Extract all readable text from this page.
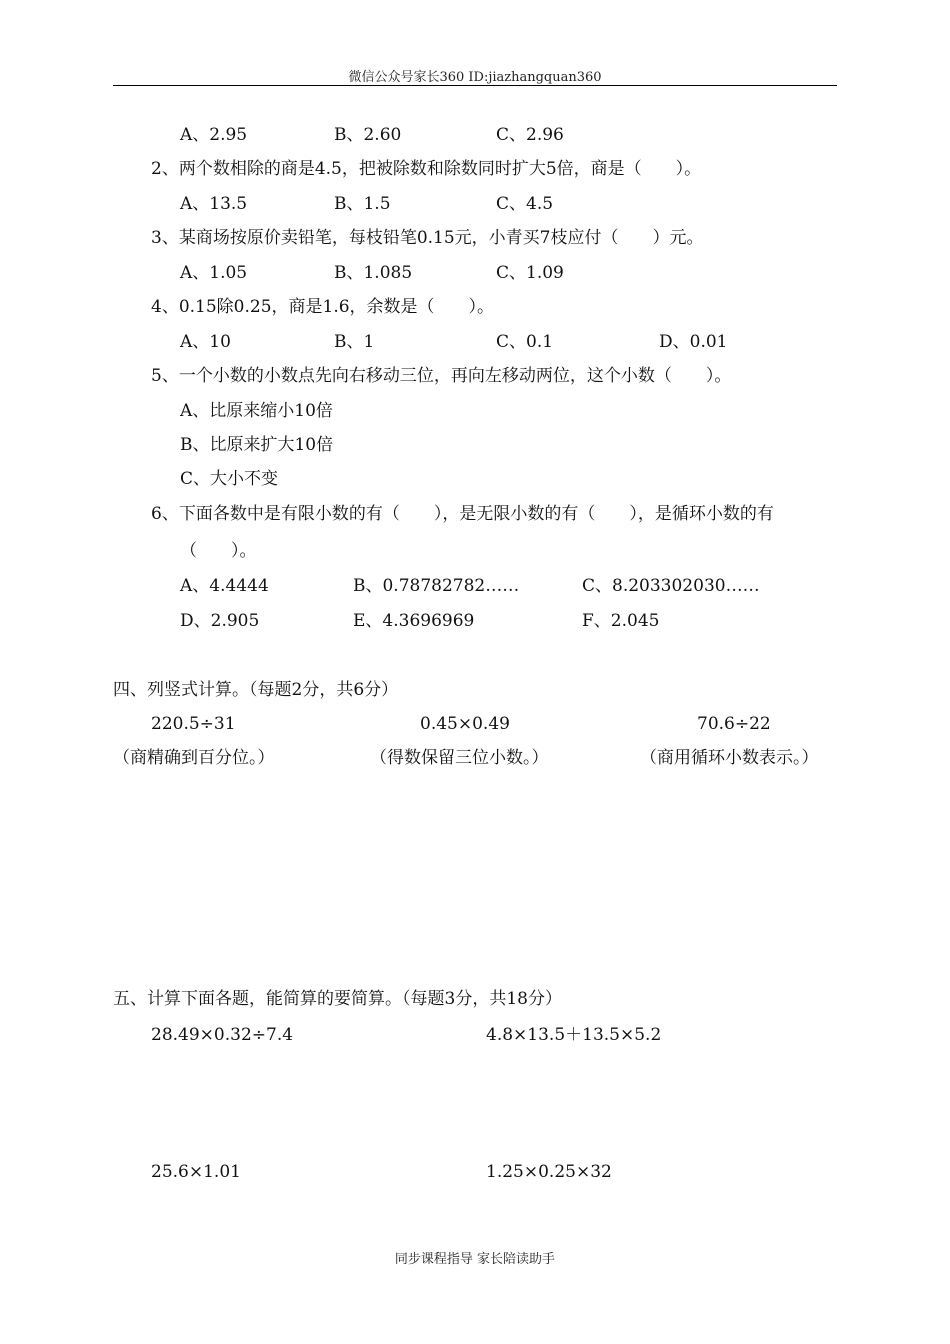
微信公众号家长360 ID:jiazhangquan360
A、2.95	B、2.60	C、2.96
2、两个数相除的商是4.5，把被除数和除数同时扩大5倍，商是（　　）。
A、13.5	B、1.5	C、4.5
3、某商场按原价卖铅笔，每枝铅笔0.15元，小青买7枝应付（　　）元。
A、1.05	B、1.085	C、1.09
4、0.15除0.25，商是1.6，余数是（　　）。
A、10	B、1	C、0.1	D、0.01
5、一个小数的小数点先向右移动三位，再向左移动两位，这个小数（　　）。
A、比原来缩小10倍
B、比原来扩大10倍
C、大小不变
6、下面各数中是有限小数的有（　　），是无限小数的有（　　），是循环小数的有
（　　）。
A、4.4444	B、0.78782782……	C、8.203302030……
D、2.905	E、4.3696969	F、2.045
四、列竖式计算。（每题2分，共6分）
220.5÷31	0.45×0.49	70.6÷22
（商精确到百分位。）	（得数保留三位小数。）	（商用循环小数表示。）
五、计算下面各题，能简算的要简算。（每题3分，共18分）
28.49×0.32÷7.4	4.8×13.5＋13.5×5.2
25.6×1.01	1.25×0.25×32
同步课程指导 家长陪读助手
